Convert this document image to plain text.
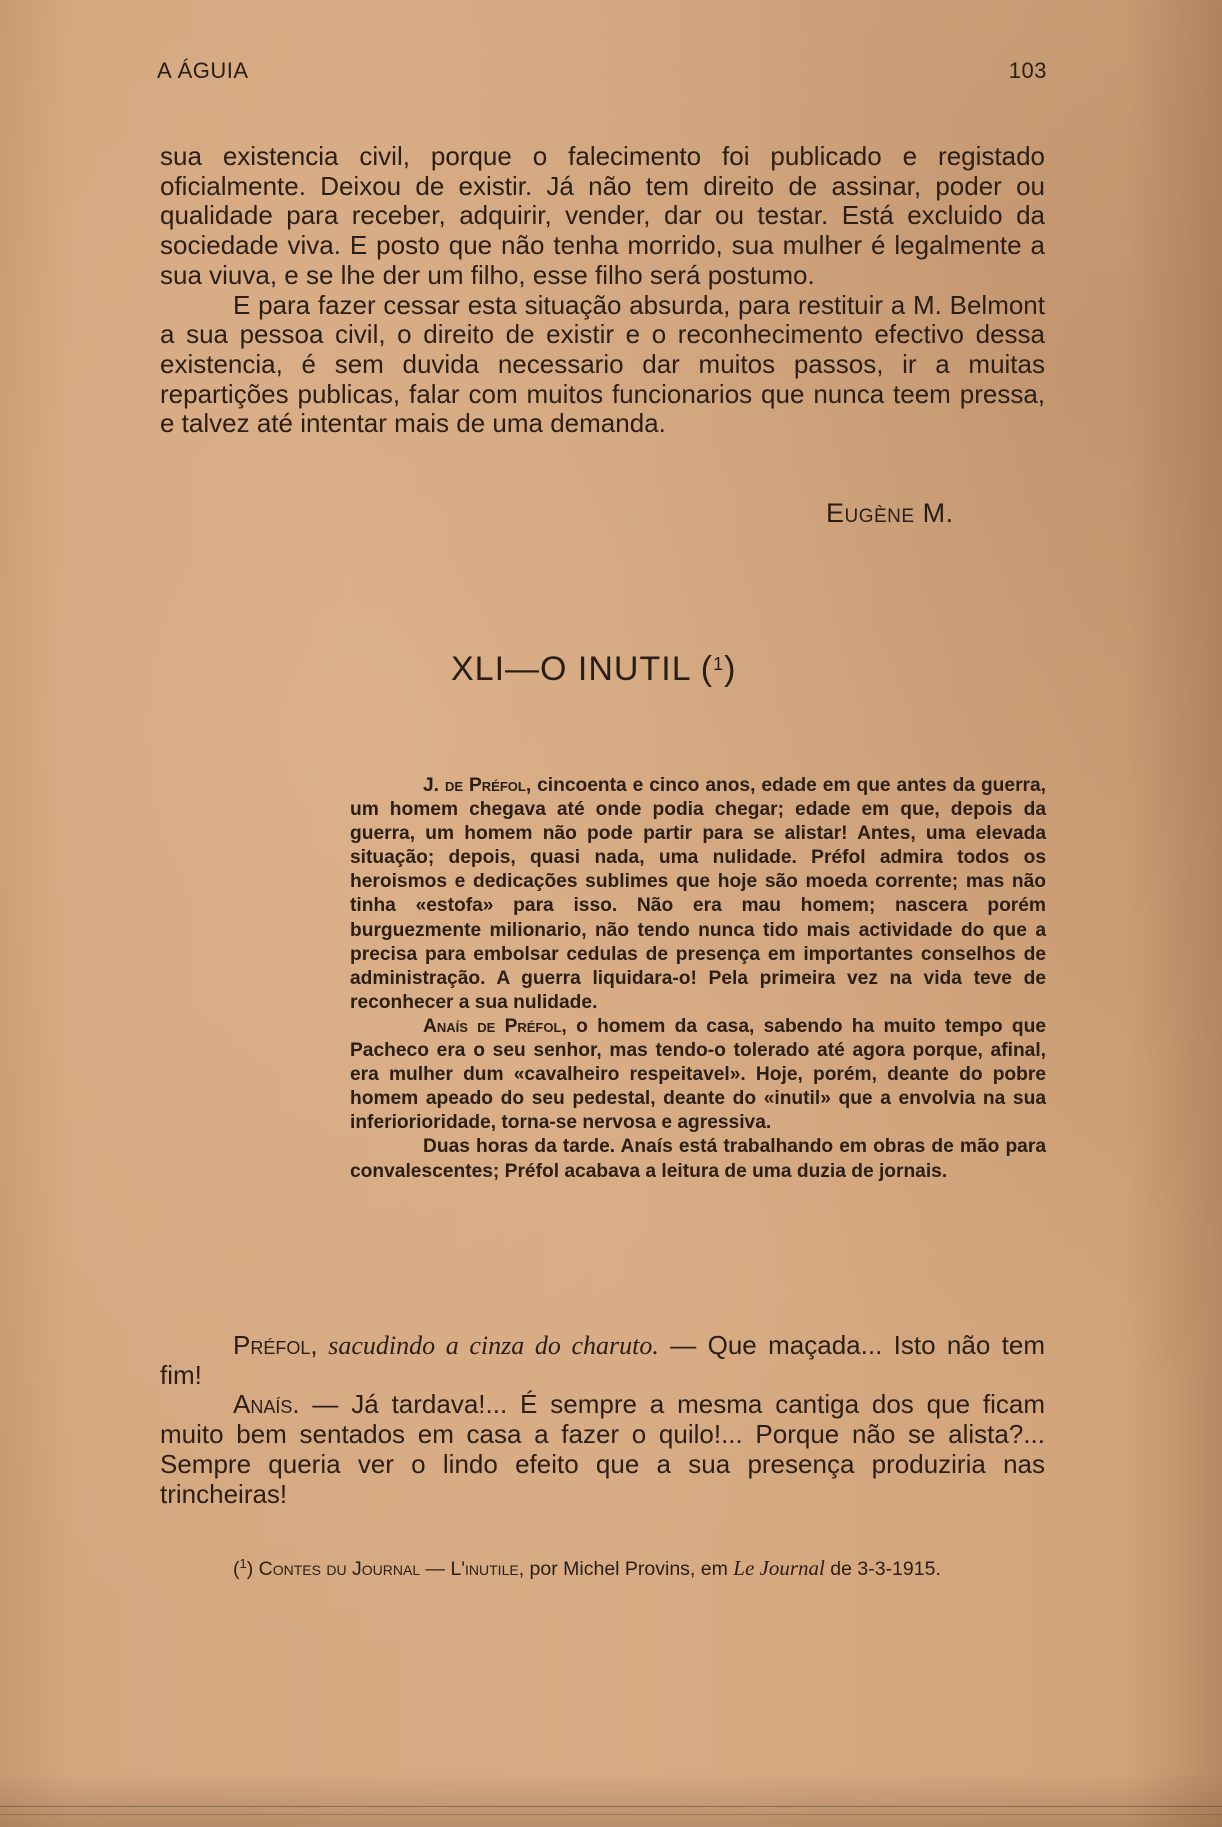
A ÁGUIA	103

sua existencia civil, porque o falecimento foi publicado e registado oficialmente. Deixou de existir. Já não tem direito de assinar, poder ou qualidade para receber, adquirir, vender, dar ou testar. Está excluido da sociedade viva. E posto que não tenha morrido, sua mulher é legalmente a sua viuva, e se lhe der um filho, esse filho será postumo.

E para fazer cessar esta situação absurda, para restituir a M. Belmont a sua pessoa civil, o direito de existir e o reconhecimento efectivo dessa existencia, é sem duvida necessario dar muitos passos, ir a muitas repartições publicas, falar com muitos funcionarios que nunca teem pressa, e talvez até intentar mais de uma demanda.

Eugène M.
XLI—O INUTIL ($^1$)

J. de Préfol, cincoenta e cinco anos, edade em que antes da guerra, um homem chegava até onde podia chegar; edade em que, depois da guerra, um homem não pode partir para se alistar! Antes, uma elevada situação; depois, quasi nada, uma nulidade. Préfol admira todos os heroismos e dedicações sublimes que hoje são moeda corrente; mas não tinha «estofa» para isso. Não era mau homem; nascera porém burguezmente milionario, não tendo nunca tido mais actividade do que a precisa para embolsar cedulas de presença em importantes conselhos de administração. A guerra liquidara-o! Pela primeira vez na vida teve de reconhecer a sua nulidade.

Anaís de Préfol, o homem da casa, sabendo ha muito tempo que Pacheco era o seu senhor, mas tendo-o tolerado até agora porque, afinal, era mulher dum «cavalheiro respeitavel». Hoje, porém, deante do pobre homem apeado do seu pedestal, deante do «inutil» que a envolvia na sua inferiorioridade, torna-se nervosa e agressiva.

Duas horas da tarde. Anaís está trabalhando em obras de mão para convalescentes; Préfol acabava a leitura de uma duzia de jornais.

Préfol, sacudindo a cinza do charuto. — Que maçada... Isto não tem fim!

Anaís. — Já tardava!... É sempre a mesma cantiga dos que ficam muito bem sentados em casa a fazer o quilo!... Porque não se alista?... Sempre queria ver o lindo efeito que a sua presença produziria nas trincheiras!

($^1$) Contes du Journal — L'inutile, por Michel Provins, em Le Journal de 3-3-1915.
